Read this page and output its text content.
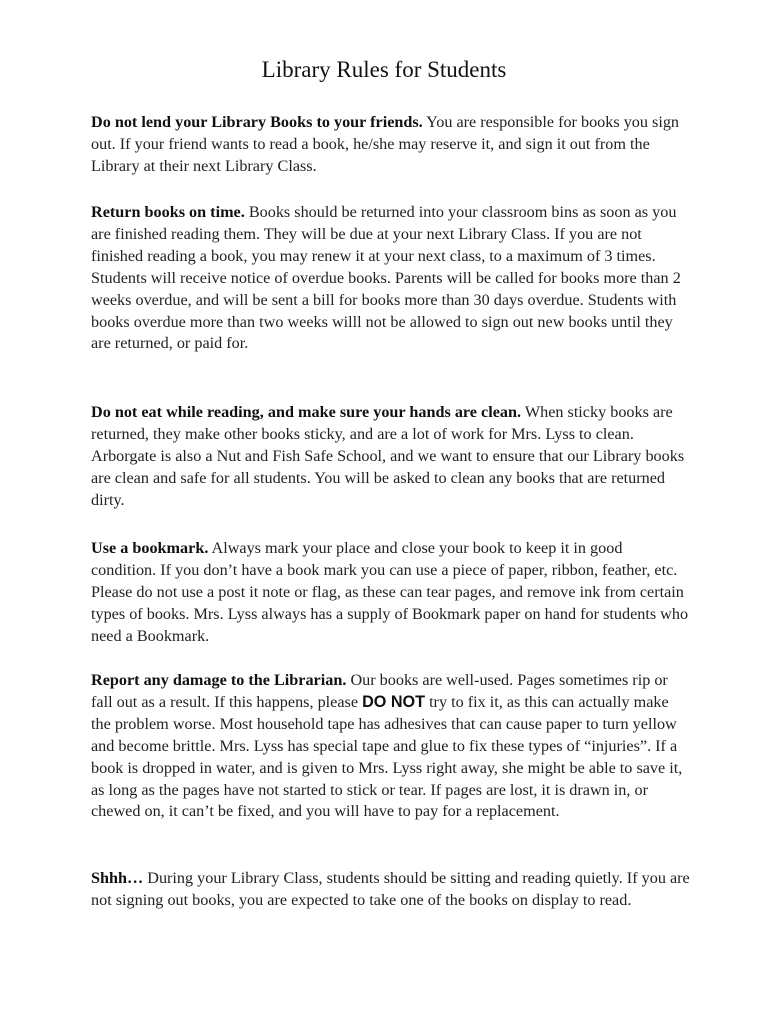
Library Rules for Students

Do not lend your Library Books to your friends. You are responsible for books you sign out. If your friend wants to read a book, he/she may reserve it, and sign it out from the Library at their next Library Class.

Return books on time. Books should be returned into your classroom bins as soon as you are finished reading them. They will be due at your next Library Class. If you are not finished reading a book, you may renew it at your next class, to a maximum of 3 times. Students will receive notice of overdue books. Parents will be called for books more than 2 weeks overdue, and will be sent a bill for books more than 30 days overdue. Students with books overdue more than two weeks willl not be allowed to sign out new books until they are returned, or paid for.

Do not eat while reading, and make sure your hands are clean. When sticky books are returned, they make other books sticky, and are a lot of work for Mrs. Lyss to clean. Arborgate is also a Nut and Fish Safe School, and we want to ensure that our Library books are clean and safe for all students. You will be asked to clean any books that are returned dirty.

Use a bookmark. Always mark your place and close your book to keep it in good condition. If you don’t have a book mark you can use a piece of paper, ribbon, feather, etc. Please do not use a post it note or flag, as these can tear pages, and remove ink from certain types of books. Mrs. Lyss always has a supply of Bookmark paper on hand for students who need a Bookmark.

Report any damage to the Librarian. Our books are well-used. Pages sometimes rip or fall out as a result. If this happens, please DO NOT try to fix it, as this can actually make the problem worse. Most household tape has adhesives that can cause paper to turn yellow and become brittle. Mrs. Lyss has special tape and glue to fix these types of “injuries”. If a book is dropped in water, and is given to Mrs. Lyss right away, she might be able to save it, as long as the pages have not started to stick or tear. If pages are lost, it is drawn in, or chewed on, it can’t be fixed, and you will have to pay for a replacement.

Shhh… During your Library Class, students should be sitting and reading quietly. If you are not signing out books, you are expected to take one of the books on display to read.
